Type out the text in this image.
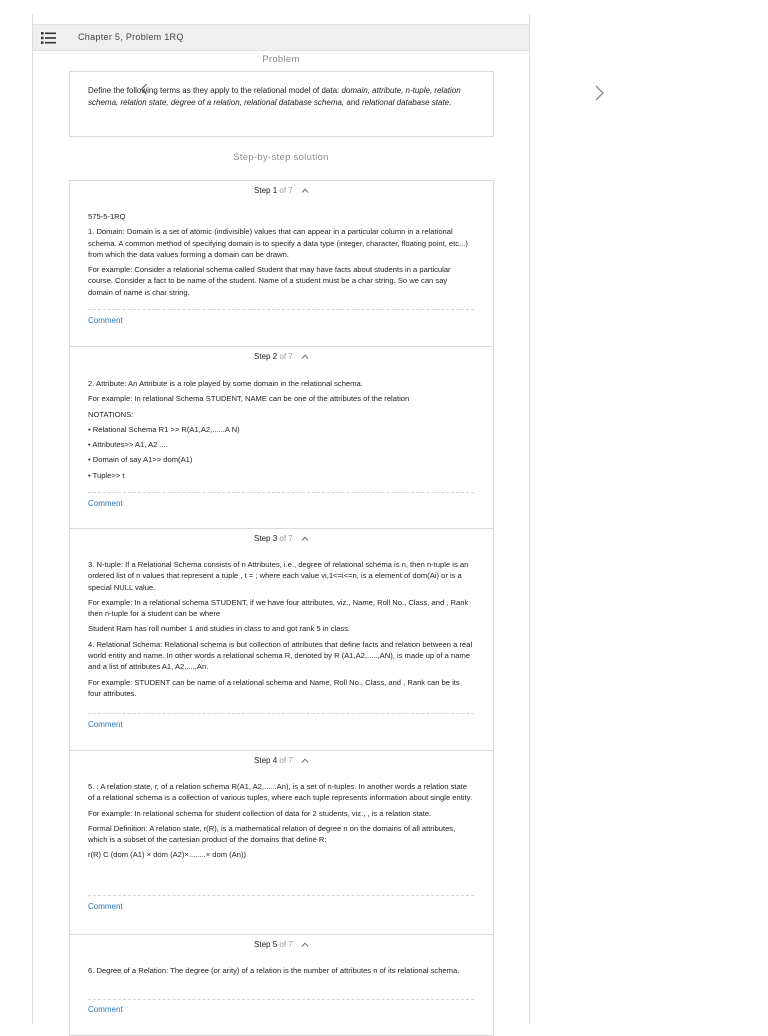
Chapter 5, Problem 1RQ
Problem
Define the following terms as they apply to the relational model of data: domain, attribute, n-tuple, relation schema, relation state, degree of a relation, relational database schema, and relational database state.
Step-by-step solution
Step 1 of 7

575-5-1RQ

1. Domain: Domain is a set of atomic (indivisible) values that can appear in a particular column in a relational schema. A common method of specifying domain is to specify a data type (integer, character, floating point, etc...) from which the data values forming a domain can be drawn.

For example: Consider a relational schema called Student that may have facts about students in a particular course. Consider a fact to be name of the student. Name of a student must be a char string. So we can say domain of name is char string.

Comment
Step 2 of 7

2. Attribute: An Attribute is a role played by some domain in the relational schema.

For example: In relational Schema STUDENT, NAME can be one of the attributes of the relation

NOTATIONS:

• Relational Schema R1 >> R(A1,A2,......A N)

• Attributes>> A1, A2 ....

• Domain of say A1>> dom(A1)

• Tuple>> t

Comment
Step 3 of 7

3. N-tuple: If a Relational Schema consists of n Attributes, i.e., degree of relational schema is n, then n-tuple is an ordered list of n values that represent a tuple , t = ; where each value vi,1<=i<=n, is a element of dom(Ai) or is a special NULL value.

For example: In a relational schema STUDENT, if we have four attributes, viz., Name, Roll No., Class, and , Rank then n-tuple for a student can be where

Student Ram has roll number 1 and studies in class to and got rank 5 in class.

4. Relational Schema: Relational schema is but collection of attributes that define facts and relation between a real world entity and name. In other words a relational schema R, denoted by R (A1,A2,.....,AN), is made up of a name and a list of attributes A1, A2,....,An.

For example: STUDENT can be name of a relational schema and Name, Roll No., Class, and , Rank can be its four attributes.

Comment
Step 4 of 7

5. : A relation state, r, of a relation schema R(A1, A2,......An), is a set of n-tuples. In another words a relation state of a relational schema is a collection of various tuples, where each tuple represents information about single entity.

For example: In relational schema for student collection of data for 2 students, viz., , is a relation state.

Formal Definition: A relation state, r(R), is a mathematical relation of degree n on the domains of all attributes, which is a subset of the cartesian product of the domains that define R:

r(R) C (dom (A1) × dom (A2)×........× dom (An))

Comment
Step 5 of 7

6. Degree of a Relation: The degree (or arity) of a relation is the number of attributes n of its relational schema.

Comment
